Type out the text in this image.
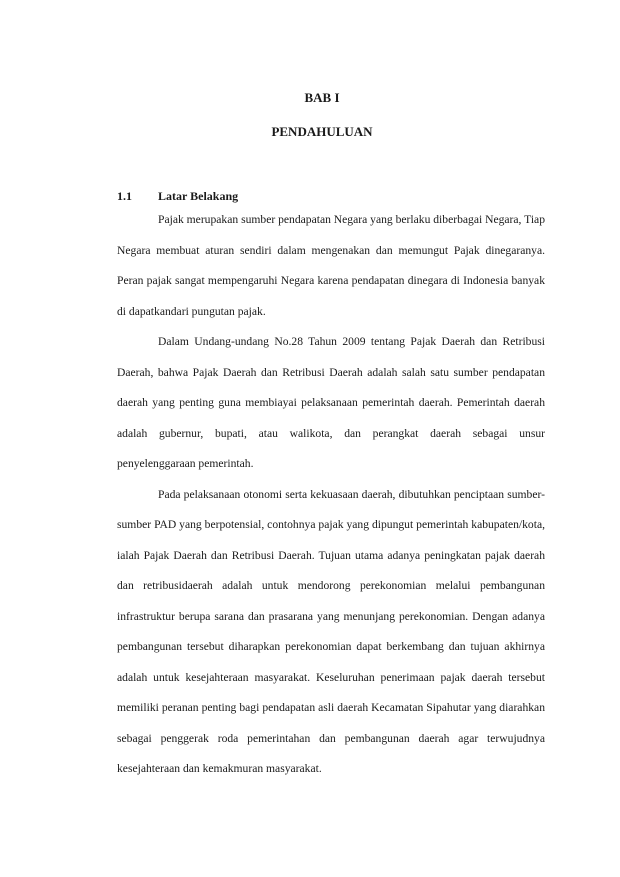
BAB I
PENDAHULUAN
1.1 Latar Belakang

Pajak merupakan sumber pendapatan Negara yang berlaku diberbagai Negara, Tiap Negara membuat aturan sendiri dalam mengenakan dan memungut Pajak dinegaranya. Peran pajak sangat mempengaruhi Negara karena pendapatan dinegara di Indonesia banyak di dapatkandari pungutan pajak.

Dalam Undang-undang No.28 Tahun 2009 tentang Pajak Daerah dan Retribusi Daerah, bahwa Pajak Daerah dan Retribusi Daerah adalah salah satu sumber pendapatan daerah yang penting guna membiayai pelaksanaan pemerintah daerah. Pemerintah daerah adalah gubernur, bupati, atau walikota, dan perangkat daerah sebagai unsur penyelenggaraan pemerintah.

Pada pelaksanaan otonomi serta kekuasaan daerah, dibutuhkan penciptaan sumber-sumber PAD yang berpotensial, contohnya pajak yang dipungut pemerintah kabupaten/kota, ialah Pajak Daerah dan Retribusi Daerah. Tujuan utama adanya peningkatan pajak daerah dan retribusidaerah adalah untuk mendorong perekonomian melalui pembangunan infrastruktur berupa sarana dan prasarana yang menunjang perekonomian. Dengan adanya pembangunan tersebut diharapkan perekonomian dapat berkembang dan tujuan akhirnya adalah untuk kesejahteraan masyarakat. Keseluruhan penerimaan pajak daerah tersebut memiliki peranan penting bagi pendapatan asli daerah Kecamatan Sipahutar yang diarahkan sebagai penggerak roda pemerintahan dan pembangunan daerah agar terwujudnya kesejahteraan dan kemakmuran masyarakat.
